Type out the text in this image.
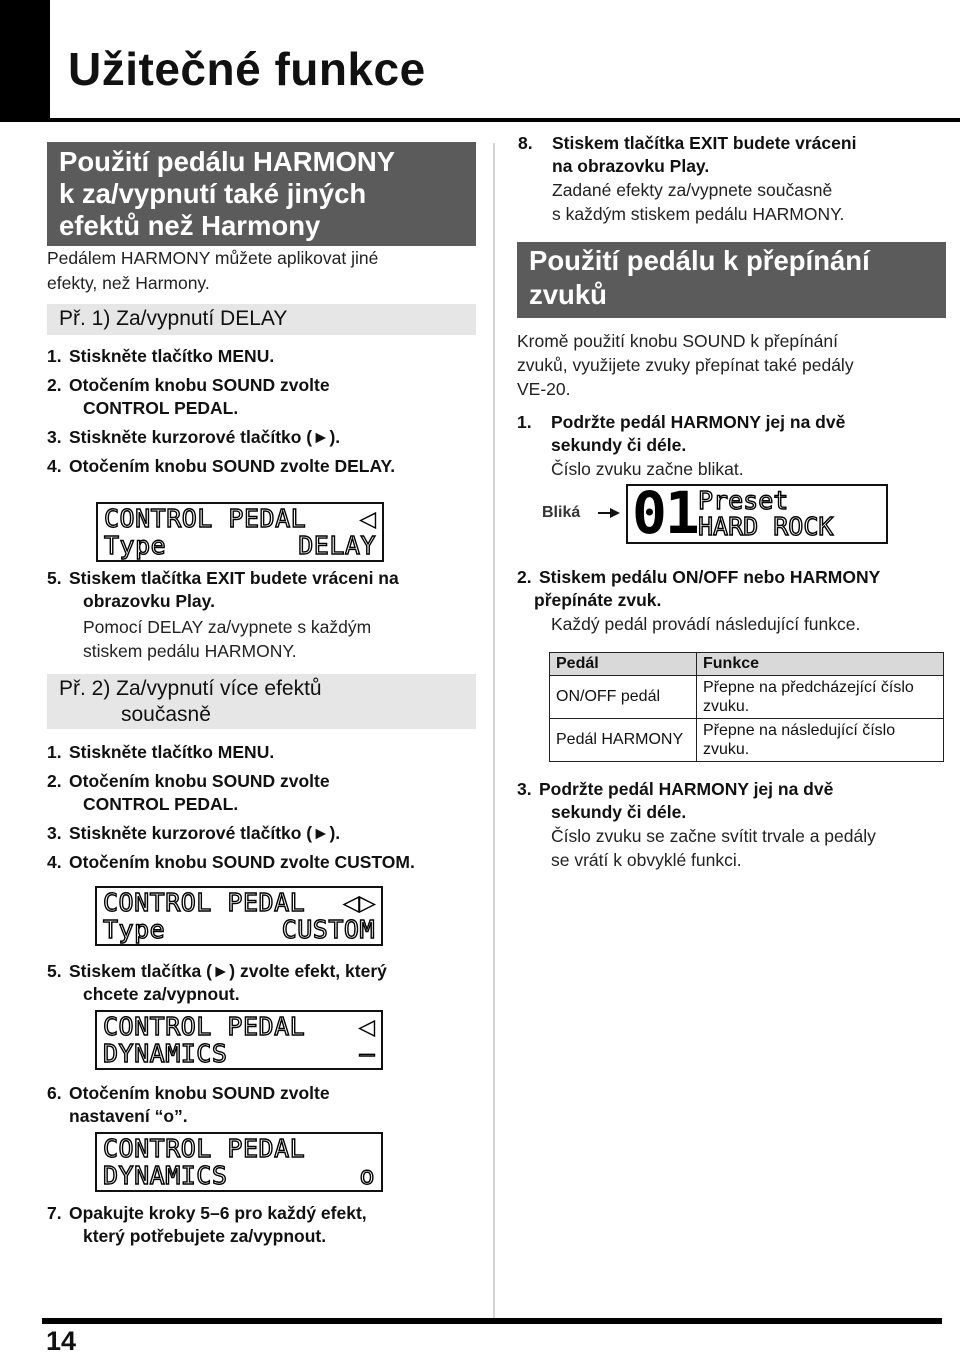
Užitečné funkce
Použití pedálu HARMONY
k za/vypnutí také jiných
efektů než Harmony
Pedálem HARMONY můžete aplikovat jiné
efekty, než Harmony.
Př. 1) Za/vypnutí DELAY
1. Stiskněte tlačítko MENU.
2. Otočením knobu SOUND zvolte
CONTROL PEDAL.
3. Stiskněte kurzorové tlačítko (►).
4. Otočením knobu SOUND zvolte DELAY.
CONTROL PEDAL ◀
Type	DELAY
5. Stiskem tlačítka EXIT budete vráceni na
obrazovku Play.
Pomocí DELAY za/vypnete s každým
stiskem pedálu HARMONY.
Př. 2) Za/vypnutí více efektů
současně
1. Stiskněte tlačítko MENU.
2. Otočením knobu SOUND zvolte
CONTROL PEDAL.
3. Stiskněte kurzorové tlačítko (►).
4. Otočením knobu SOUND zvolte CUSTOM.
CONTROL PEDAL ◀▶
Type	CUSTOM
5. Stiskem tlačítka (►) zvolte efekt, který
chcete za/vypnout.
CONTROL PEDAL ◀
DYNAMICS	–
6. Otočením knobu SOUND zvolte
nastavení “o”.
CONTROL PEDAL
DYNAMICS	o
7. Opakujte kroky 5–6 pro každý efekt,
který potřebujete za/vypnout.
8. Stiskem tlačítka EXIT budete vráceni
na obrazovku Play.
Zadané efekty za/vypnete současně
s každým stiskem pedálu HARMONY.
Použití pedálu k přepínání
zvuků
Kromě použití knobu SOUND k přepínání
zvuků, využijete zvuky přepínat také pedály
VE-20.
1. Podržte pedál HARMONY jej na dvě
sekundy či déle.
Číslo zvuku začne blikat.
Bliká 01 Preset
HARD ROCK
2. Stiskem pedálu ON/OFF nebo HARMONY
přepínáte zvuk.
Každý pedál provádí následující funkce.
Pedál	Funkce
ON/OFF pedál	Přepne na předcházející číslo
zvuku.

Pedál HARMONY	Přepne na následující číslo
zvuku.
3. Podržte pedál HARMONY jej na dvě
sekundy či déle.
Číslo zvuku se začne svítit trvale a pedály
se vrátí k obvyklé funkci.
14
